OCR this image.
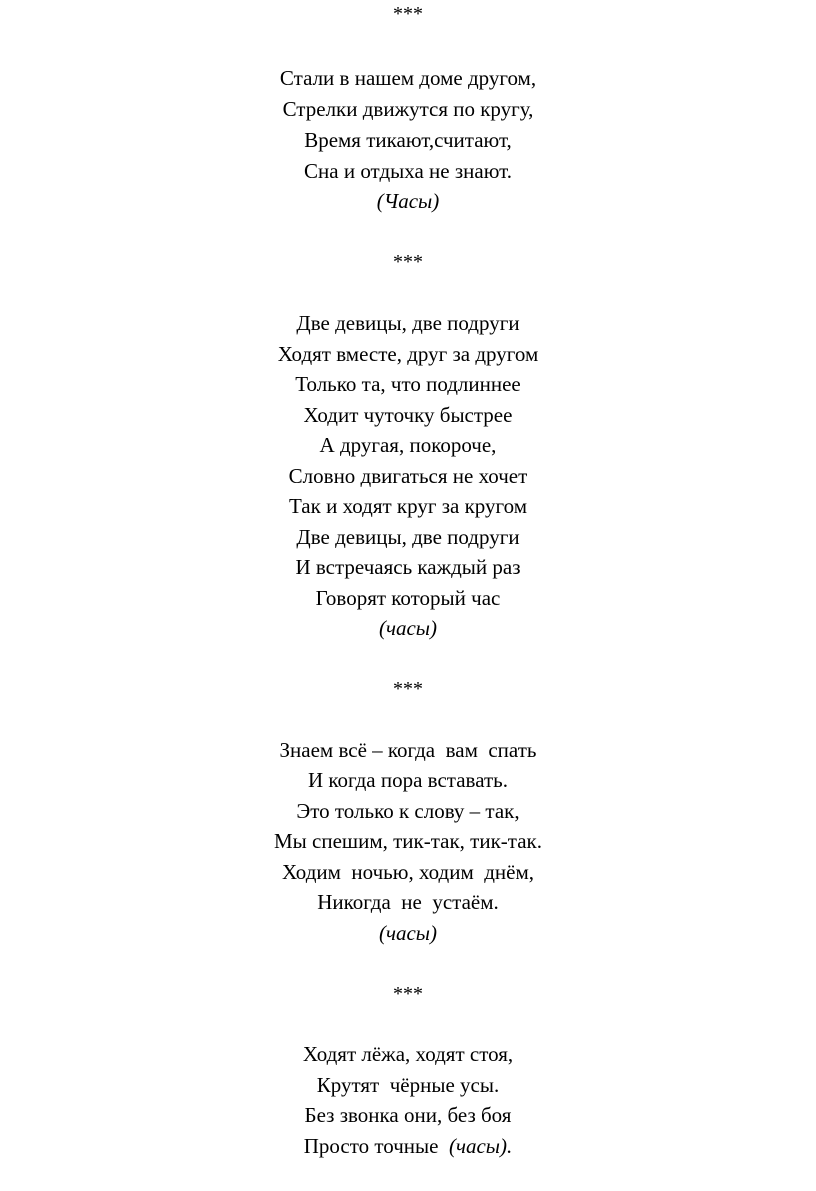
***
Стали в нашем доме другом,
Стрелки движутся по кругу,
Время тикают,считают,
Сна и отдыха не знают.
(Часы)
***
Две девицы, две подруги
Ходят вместе, друг за другом
Только та, что подлиннее
Ходит чуточку быстрее
А другая, покороче,
Словно двигаться не хочет
Так и ходят круг за кругом
Две девицы, две подруги
И встречаясь каждый раз
Говорят который час
(часы)
***
Знаем всё – когда  вам  спать
И когда пора вставать.
Это только к слову – так,
Мы спешим, тик-так, тик-так.
Ходим  ночью, ходим  днём,
Никогда  не  устаём.
(часы)
***
Ходят лёжа, ходят стоя,
Крутят  чёрные усы.
Без звонка они, без боя
Просто точные  (часы).
